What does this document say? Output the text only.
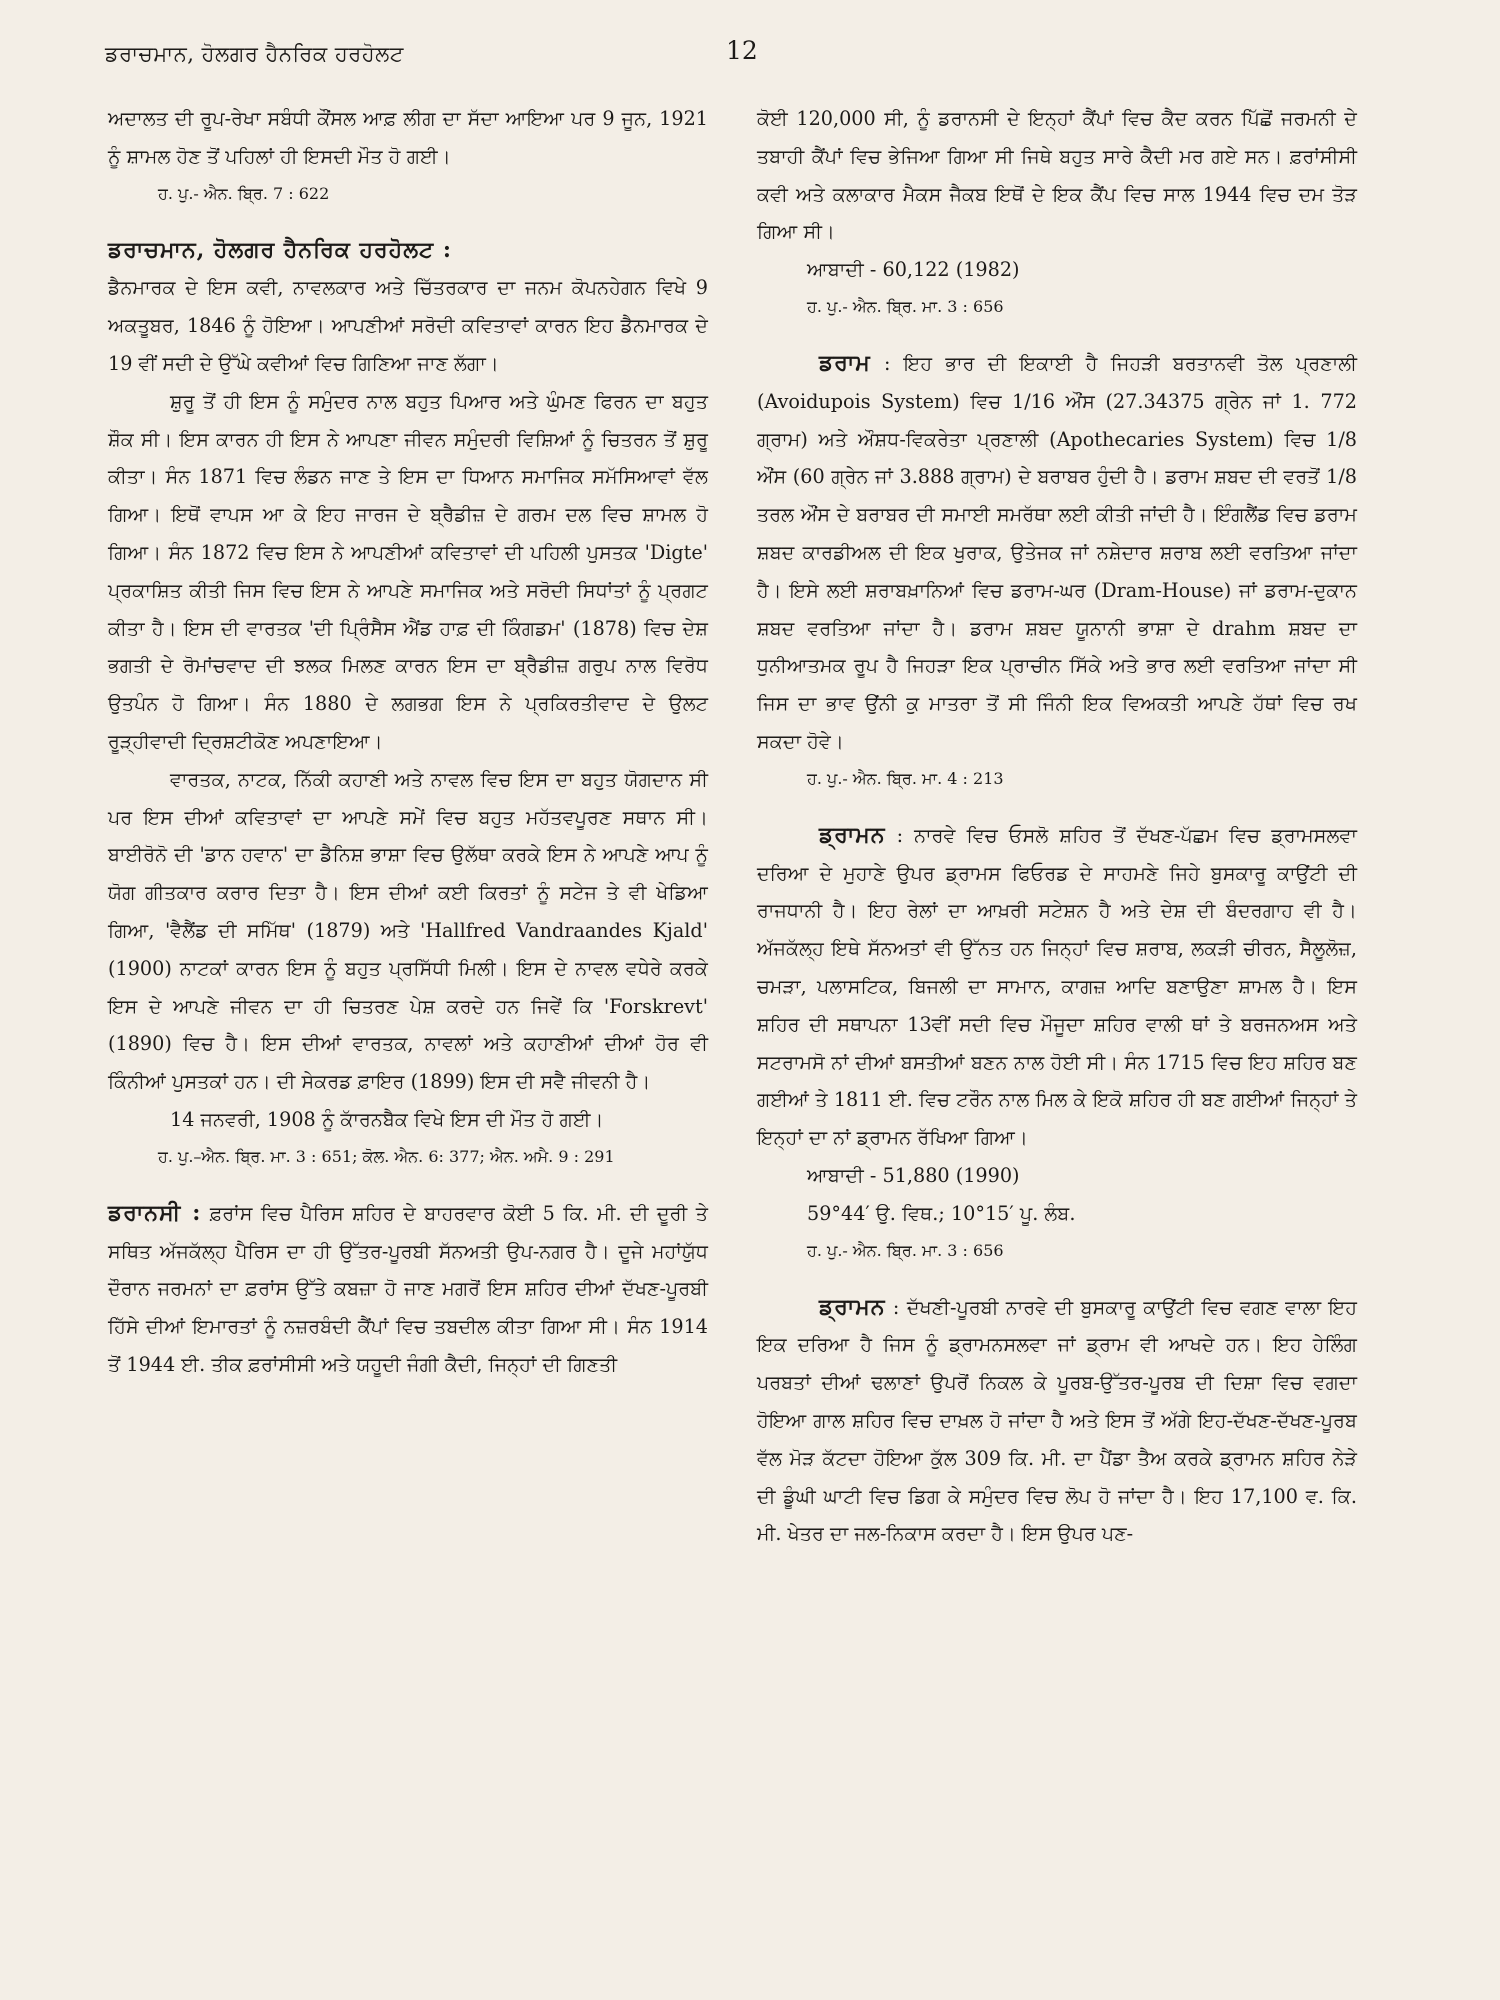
ਡਰਾਚਮਾਨ, ਹੋਲਗਰ ਹੈਨਰਿਕ ਹਰਹੋਲਟ	12

ਅਦਾਲਤ ਦੀ ਰੂਪ-ਰੇਖਾ ਸਬੰਧੀ ਕੌਂਸਲ ਆਫ਼ ਲੀਗ ਦਾ ਸੱਦਾ ਆਇਆ ਪਰ 9 ਜੂਨ, 1921 ਨੂੰ ਸ਼ਾਮਲ ਹੋਣ ਤੋਂ ਪਹਿਲਾਂ ਹੀ ਇਸਦੀ ਮੌਤ ਹੋ ਗਈ।

ਹ. ਪੁ.- ਐਨ. ਬ੍ਰਿ. 7 : 622

ਡਰਾਚਮਾਨ, ਹੋਲਗਰ ਹੈਨਰਿਕ ਹਰਹੋਲਟ :

ਡੈਨਮਾਰਕ ਦੇ ਇਸ ਕਵੀ, ਨਾਵਲਕਾਰ ਅਤੇ ਚਿੱਤਰਕਾਰ ਦਾ ਜਨਮ ਕੋਪਨਹੇਗਨ ਵਿਖੇ 9 ਅਕਤੂਬਰ, 1846 ਨੂੰ ਹੋਇਆ। ਆਪਣੀਆਂ ਸਰੋਦੀ ਕਵਿਤਾਵਾਂ ਕਾਰਨ ਇਹ ਡੈਨਮਾਰਕ ਦੇ 19 ਵੀਂ ਸਦੀ ਦੇ ਉੱਘੇ ਕਵੀਆਂ ਵਿਚ ਗਿਣਿਆ ਜਾਣ ਲੱਗਾ।

ਸ਼ੁਰੂ ਤੋਂ ਹੀ ਇਸ ਨੂੰ ਸਮੁੰਦਰ ਨਾਲ ਬਹੁਤ ਪਿਆਰ ਅਤੇ ਘੁੰਮਣ ਫਿਰਨ ਦਾ ਬਹੁਤ ਸ਼ੌਕ ਸੀ। ਇਸ ਕਾਰਨ ਹੀ ਇਸ ਨੇ ਆਪਣਾ ਜੀਵਨ ਸਮੁੰਦਰੀ ਵਿਸ਼ਿਆਂ ਨੂੰ ਚਿਤਰਨ ਤੋਂ ਸ਼ੁਰੂ ਕੀਤਾ। ਸੰਨ 1871 ਵਿਚ ਲੰਡਨ ਜਾਣ ਤੇ ਇਸ ਦਾ ਧਿਆਨ ਸਮਾਜਿਕ ਸਮੱਸਿਆਵਾਂ ਵੱਲ ਗਿਆ। ਇਥੋਂ ਵਾਪਸ ਆ ਕੇ ਇਹ ਜਾਰਜ ਦੇ ਬ੍ਰੈਡੀਜ਼ ਦੇ ਗਰਮ ਦਲ ਵਿਚ ਸ਼ਾਮਲ ਹੋ ਗਿਆ। ਸੰਨ 1872 ਵਿਚ ਇਸ ਨੇ ਆਪਣੀਆਂ ਕਵਿਤਾਵਾਂ ਦੀ ਪਹਿਲੀ ਪੁਸਤਕ 'Digte' ਪ੍ਰਕਾਸ਼ਿਤ ਕੀਤੀ ਜਿਸ ਵਿਚ ਇਸ ਨੇ ਆਪਣੇ ਸਮਾਜਿਕ ਅਤੇ ਸਰੋਦੀ ਸਿਧਾਂਤਾਂ ਨੂੰ ਪ੍ਰਗਟ ਕੀਤਾ ਹੈ। ਇਸ ਦੀ ਵਾਰਤਕ 'ਦੀ ਪ੍ਰਿੰਸੈਸ ਐਂਡ ਹਾਫ਼ ਦੀ ਕਿੰਗਡਮ' (1878) ਵਿਚ ਦੇਸ਼ ਭਗਤੀ ਦੇ ਰੋਮਾਂਚਵਾਦ ਦੀ ਝਲਕ ਮਿਲਣ ਕਾਰਨ ਇਸ ਦਾ ਬ੍ਰੈਡੀਜ਼ ਗਰੁਪ ਨਾਲ ਵਿਰੋਧ ਉਤਪੰਨ ਹੋ ਗਿਆ। ਸੰਨ 1880 ਦੇ ਲਗਭਗ ਇਸ ਨੇ ਪ੍ਰਕਿਰਤੀਵਾਦ ਦੇ ਉਲਟ ਰੂੜ੍ਹੀਵਾਦੀ ਦ੍ਰਿਸ਼ਟੀਕੋਣ ਅਪਣਾਇਆ।

ਵਾਰਤਕ, ਨਾਟਕ, ਨਿੱਕੀ ਕਹਾਣੀ ਅਤੇ ਨਾਵਲ ਵਿਚ ਇਸ ਦਾ ਬਹੁਤ ਯੋਗਦਾਨ ਸੀ ਪਰ ਇਸ ਦੀਆਂ ਕਵਿਤਾਵਾਂ ਦਾ ਆਪਣੇ ਸਮੇਂ ਵਿਚ ਬਹੁਤ ਮਹੱਤਵਪੂਰਣ ਸਥਾਨ ਸੀ। ਬਾਈਰੋਨੋ ਦੀ 'ਡਾਨ ਹਵਾਨ' ਦਾ ਡੈਨਿਸ਼ ਭਾਸ਼ਾ ਵਿਚ ਉਲੱਥਾ ਕਰਕੇ ਇਸ ਨੇ ਆਪਣੇ ਆਪ ਨੂੰ ਯੋਗ ਗੀਤਕਾਰ ਕਰਾਰ ਦਿਤਾ ਹੈ। ਇਸ ਦੀਆਂ ਕਈ ਕਿਰਤਾਂ ਨੂੰ ਸਟੇਜ ਤੇ ਵੀ ਖੇਡਿਆ ਗਿਆ, 'ਵੈਲੈਂਡ ਦੀ ਸਮਿੱਥ' (1879) ਅਤੇ 'Hallfred Vandraandes Kjald' (1900) ਨਾਟਕਾਂ ਕਾਰਨ ਇਸ ਨੂੰ ਬਹੁਤ ਪ੍ਰਸਿੱਧੀ ਮਿਲੀ। ਇਸ ਦੇ ਨਾਵਲ ਵਧੇਰੇ ਕਰਕੇ ਇਸ ਦੇ ਆਪਣੇ ਜੀਵਨ ਦਾ ਹੀ ਚਿਤਰਣ ਪੇਸ਼ ਕਰਦੇ ਹਨ ਜਿਵੇਂ ਕਿ 'Forskrevt' (1890) ਵਿਚ ਹੈ। ਇਸ ਦੀਆਂ ਵਾਰਤਕ, ਨਾਵਲਾਂ ਅਤੇ ਕਹਾਣੀਆਂ ਦੀਆਂ ਹੋਰ ਵੀ ਕਿੰਨੀਆਂ ਪੁਸਤਕਾਂ ਹਨ। ਦੀ ਸੇਕਰਡ ਫ਼ਾਇਰ (1899) ਇਸ ਦੀ ਸਵੈ ਜੀਵਨੀ ਹੈ।

14 ਜਨਵਰੀ, 1908 ਨੂੰ ਕਾੱਰਨਬੈਕ ਵਿਖੇ ਇਸ ਦੀ ਮੌਤ ਹੋ ਗਈ।

ਹ. ਪੁ.–ਐਨ. ਬ੍ਰਿ. ਮਾ. 3 : 651; ਕੋਲ. ਐਨ. 6: 377; ਐਨ. ਅਮੈ. 9 : 291

ਡਰਾਨਸੀ : ਫ਼ਰਾਂਸ ਵਿਚ ਪੈਰਿਸ ਸ਼ਹਿਰ ਦੇ ਬਾਹਰਵਾਰ ਕੋਈ 5 ਕਿ. ਮੀ. ਦੀ ਦੂਰੀ ਤੇ ਸਥਿਤ ਅੱਜਕੱਲ੍ਹ ਪੈਰਿਸ ਦਾ ਹੀ ਉੱਤਰ-ਪੂਰਬੀ ਸੱਨਅਤੀ ਉਪ-ਨਗਰ ਹੈ। ਦੂਜੇ ਮਹਾਂਯੁੱਧ ਦੌਰਾਨ ਜਰਮਨਾਂ ਦਾ ਫ਼ਰਾਂਸ ਉੱਤੇ ਕਬਜ਼ਾ ਹੋ ਜਾਣ ਮਗਰੋਂ ਇਸ ਸ਼ਹਿਰ ਦੀਆਂ ਦੱਖਣ-ਪੂਰਬੀ ਹਿੱਸੇ ਦੀਆਂ ਇਮਾਰਤਾਂ ਨੂੰ ਨਜ਼ਰਬੰਦੀ ਕੈਂਪਾਂ ਵਿਚ ਤਬਦੀਲ ਕੀਤਾ ਗਿਆ ਸੀ। ਸੰਨ 1914 ਤੋਂ 1944 ਈ. ਤੀਕ ਫ਼ਰਾਂਸੀਸੀ ਅਤੇ ਯਹੂਦੀ ਜੰਗੀ ਕੈਦੀ, ਜਿਨ੍ਹਾਂ ਦੀ ਗਿਣਤੀ

ਕੋਈ 120,000 ਸੀ, ਨੂੰ ਡਰਾਨਸੀ ਦੇ ਇਨ੍ਹਾਂ ਕੈਂਪਾਂ ਵਿਚ ਕੈਦ ਕਰਨ ਪਿੱਛੋਂ ਜਰਮਨੀ ਦੇ ਤਬਾਹੀ ਕੈਂਪਾਂ ਵਿਚ ਭੇਜਿਆ ਗਿਆ ਸੀ ਜਿਥੇ ਬਹੁਤ ਸਾਰੇ ਕੈਦੀ ਮਰ ਗਏ ਸਨ। ਫ਼ਰਾਂਸੀਸੀ ਕਵੀ ਅਤੇ ਕਲਾਕਾਰ ਮੈਕਸ ਜੈਕਬ ਇਥੋਂ ਦੇ ਇਕ ਕੈਂਪ ਵਿਚ ਸਾਲ 1944 ਵਿਚ ਦਮ ਤੋੜ ਗਿਆ ਸੀ।

ਆਬਾਦੀ - 60,122 (1982)

ਹ. ਪੁ.- ਐਨ. ਬ੍ਰਿ. ਮਾ. 3 : 656

ਡਰਾਮ : ਇਹ ਭਾਰ ਦੀ ਇਕਾਈ ਹੈ ਜਿਹੜੀ ਬਰਤਾਨਵੀ ਤੋਲ ਪ੍ਰਣਾਲੀ (Avoidupois System) ਵਿਚ 1/16 ਔਂਸ (27.34375 ਗ੍ਰੇਨ ਜਾਂ 1. 772 ਗ੍ਰਾਮ) ਅਤੇ ਔਸ਼ਧ-ਵਿਕਰੇਤਾ ਪ੍ਰਣਾਲੀ (Apothecaries System) ਵਿਚ 1/8 ਔਂਸ (60 ਗ੍ਰੇਨ ਜਾਂ 3.888 ਗ੍ਰਾਮ) ਦੇ ਬਰਾਬਰ ਹੁੰਦੀ ਹੈ। ਡਰਾਮ ਸ਼ਬਦ ਦੀ ਵਰਤੋਂ 1/8 ਤਰਲ ਔਂਸ ਦੇ ਬਰਾਬਰ ਦੀ ਸਮਾਈ ਸਮਰੱਥਾ ਲਈ ਕੀਤੀ ਜਾਂਦੀ ਹੈ। ਇੰਗਲੈਂਡ ਵਿਚ ਡਰਾਮ ਸ਼ਬਦ ਕਾਰਡੀਅਲ ਦੀ ਇਕ ਖੁਰਾਕ, ਉਤੇਜਕ ਜਾਂ ਨਸ਼ੇਦਾਰ ਸ਼ਰਾਬ ਲਈ ਵਰਤਿਆ ਜਾਂਦਾ ਹੈ। ਇਸੇ ਲਈ ਸ਼ਰਾਬਖ਼ਾਨਿਆਂ ਵਿਚ ਡਰਾਮ-ਘਰ (Dram-House) ਜਾਂ ਡਰਾਮ-ਦੁਕਾਨ ਸ਼ਬਦ ਵਰਤਿਆ ਜਾਂਦਾ ਹੈ। ਡਰਾਮ ਸ਼ਬਦ ਯੂਨਾਨੀ ਭਾਸ਼ਾ ਦੇ drahm ਸ਼ਬਦ ਦਾ ਧੁਨੀਆਤਮਕ ਰੂਪ ਹੈ ਜਿਹੜਾ ਇਕ ਪ੍ਰਾਚੀਨ ਸਿੱਕੇ ਅਤੇ ਭਾਰ ਲਈ ਵਰਤਿਆ ਜਾਂਦਾ ਸੀ ਜਿਸ ਦਾ ਭਾਵ ਉਂਨੀ ਕੁ ਮਾਤਰਾ ਤੋਂ ਸੀ ਜਿੰਨੀ ਇਕ ਵਿਅਕਤੀ ਆਪਣੇ ਹੱਥਾਂ ਵਿਚ ਰਖ ਸਕਦਾ ਹੋਵੇ।

ਹ. ਪੁ.- ਐਨ. ਬ੍ਰਿ. ਮਾ. 4 : 213

ਡ੍ਰਾਮਨ : ਨਾਰਵੇ ਵਿਚ ਓਸਲੋ ਸ਼ਹਿਰ ਤੋਂ ਦੱਖਣ-ਪੱਛਮ ਵਿਚ ਡ੍ਰਾਮਸਲਵਾ ਦਰਿਆ ਦੇ ਮੁਹਾਣੇ ਉਪਰ ਡ੍ਰਾਮਸ ਫਿਓਰਡ ਦੇ ਸਾਹਮਣੇ ਜਿਹੇ ਬੁਸਕਾਰੂ ਕਾਉਂਟੀ ਦੀ ਰਾਜਧਾਨੀ ਹੈ। ਇਹ ਰੇਲਾਂ ਦਾ ਆਖ਼ਰੀ ਸਟੇਸ਼ਨ ਹੈ ਅਤੇ ਦੇਸ਼ ਦੀ ਬੰਦਰਗਾਹ ਵੀ ਹੈ। ਅੱਜਕੱਲ੍ਹ ਇਥੇ ਸੱਨਅਤਾਂ ਵੀ ਉੱਨਤ ਹਨ ਜਿਨ੍ਹਾਂ ਵਿਚ ਸ਼ਰਾਬ, ਲਕੜੀ ਚੀਰਨ, ਸੈਲੂਲੋਜ਼, ਚਮੜਾ, ਪਲਾਸਟਿਕ, ਬਿਜਲੀ ਦਾ ਸਾਮਾਨ, ਕਾਗਜ਼ ਆਦਿ ਬਣਾਉਣਾ ਸ਼ਾਮਲ ਹੈ। ਇਸ ਸ਼ਹਿਰ ਦੀ ਸਥਾਪਨਾ 13ਵੀਂ ਸਦੀ ਵਿਚ ਮੌਜੂਦਾ ਸ਼ਹਿਰ ਵਾਲੀ ਥਾਂ ਤੇ ਬਰਜਨਅਸ ਅਤੇ ਸਟਰਾਮਸੋ ਨਾਂ ਦੀਆਂ ਬਸਤੀਆਂ ਬਣਨ ਨਾਲ ਹੋਈ ਸੀ। ਸੰਨ 1715 ਵਿਚ ਇਹ ਸ਼ਹਿਰ ਬਣ ਗਈਆਂ ਤੇ 1811 ਈ. ਵਿਚ ਟਰੌਨ ਨਾਲ ਮਿਲ ਕੇ ਇਕੋ ਸ਼ਹਿਰ ਹੀ ਬਣ ਗਈਆਂ ਜਿਨ੍ਹਾਂ ਤੇ ਇਨ੍ਹਾਂ ਦਾ ਨਾਂ ਡ੍ਰਾਮਨ ਰੱਖਿਆ ਗਿਆ।

ਆਬਾਦੀ - 51,880 (1990)

59°44′ ਉ. ਵਿਥ.; 10°15′ ਪੂ. ਲੰਬ.

ਹ. ਪੁ.- ਐਨ. ਬ੍ਰਿ. ਮਾ. 3 : 656

ਡ੍ਰਾਮਨ : ਦੱਖਣੀ-ਪੂਰਬੀ ਨਾਰਵੇ ਦੀ ਬੁਸਕਾਰੂ ਕਾਉਂਟੀ ਵਿਚ ਵਗਣ ਵਾਲਾ ਇਹ ਇਕ ਦਰਿਆ ਹੈ ਜਿਸ ਨੂੰ ਡ੍ਰਾਮਨਸਲਵਾ ਜਾਂ ਡ੍ਰਾਮ ਵੀ ਆਖਦੇ ਹਨ। ਇਹ ਹੇਲਿੰਗ ਪਰਬਤਾਂ ਦੀਆਂ ਢਲਾਣਾਂ ਉਪਰੋਂ ਨਿਕਲ ਕੇ ਪੂਰਬ-ਉੱਤਰ-ਪੂਰਬ ਦੀ ਦਿਸ਼ਾ ਵਿਚ ਵਗਦਾ ਹੋਇਆ ਗਾਲ ਸ਼ਹਿਰ ਵਿਚ ਦਾਖ਼ਲ ਹੋ ਜਾਂਦਾ ਹੈ ਅਤੇ ਇਸ ਤੋਂ ਅੱਗੇ ਇਹ-ਦੱਖਣ-ਦੱਖਣ-ਪੂਰਬ ਵੱਲ ਮੋੜ ਕੱਟਦਾ ਹੋਇਆ ਕੁੱਲ 309 ਕਿ. ਮੀ. ਦਾ ਪੈਂਡਾ ਤੈਅ ਕਰਕੇ ਡ੍ਰਾਮਨ ਸ਼ਹਿਰ ਨੇੜੇ ਦੀ ਡੂੰਘੀ ਘਾਟੀ ਵਿਚ ਡਿਗ ਕੇ ਸਮੁੰਦਰ ਵਿਚ ਲੋਪ ਹੋ ਜਾਂਦਾ ਹੈ। ਇਹ 17,100 ਵ. ਕਿ. ਮੀ. ਖੇਤਰ ਦਾ ਜਲ-ਨਿਕਾਸ ਕਰਦਾ ਹੈ। ਇਸ ਉਪਰ ਪਣ-
